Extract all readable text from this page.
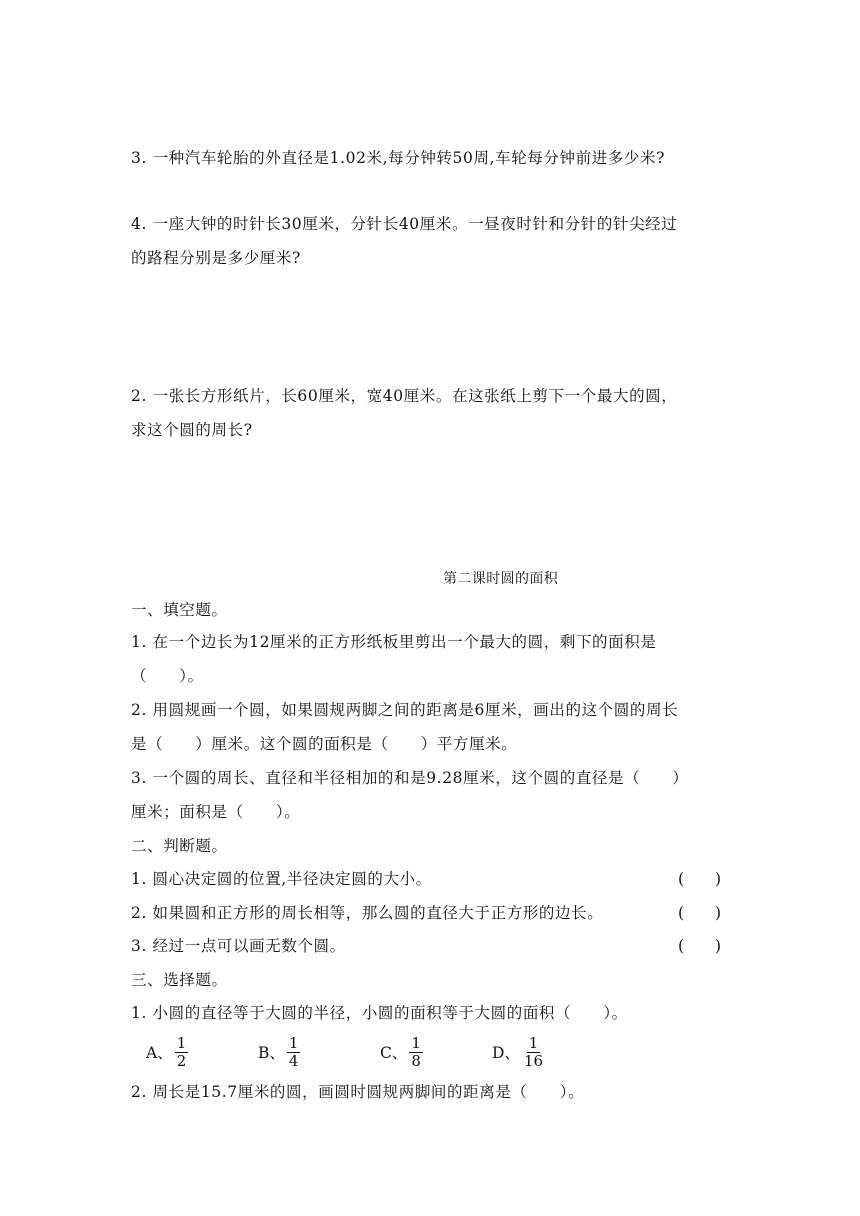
3. 一种汽车轮胎的外直径是1.02米,每分钟转50周,车轮每分钟前进多少米?
4. 一座大钟的时针长30厘米，分针长40厘米。一昼夜时针和分针的针尖经过
的路程分别是多少厘米?
2. 一张长方形纸片，长60厘米，宽40厘米。在这张纸上剪下一个最大的圆，
求这个圆的周长?
第二课时圆的面积
一、填空题。
1. 在一个边长为12厘米的正方形纸板里剪出一个最大的圆，剩下的面积是
（　　）。
2. 用圆规画一个圆，如果圆规两脚之间的距离是6厘米，画出的这个圆的周长
是（　　）厘米。这个圆的面积是（　　）平方厘米。
3. 一个圆的周长、直径和半径相加的和是9.28厘米，这个圆的直径是（　　）
厘米；面积是（　　）。
二、判断题。
1. 圆心决定圆的位置,半径决定圆的大小。	(　　)
2. 如果圆和正方形的周长相等，那么圆的直径大于正方形的边长。	(　　)
3. 经过一点可以画无数个圆。	(　　)
三、选择题。
1. 小圆的直径等于大圆的半径，小圆的面积等于大圆的面积（　　）。
A、 $\frac{1}{2}$	B、 $\frac{1}{4}$	C、 $\frac{1}{8}$	D、 $\frac{1}{16}$
2. 周长是15.7厘米的圆，画圆时圆规两脚间的距离是（　　）。
